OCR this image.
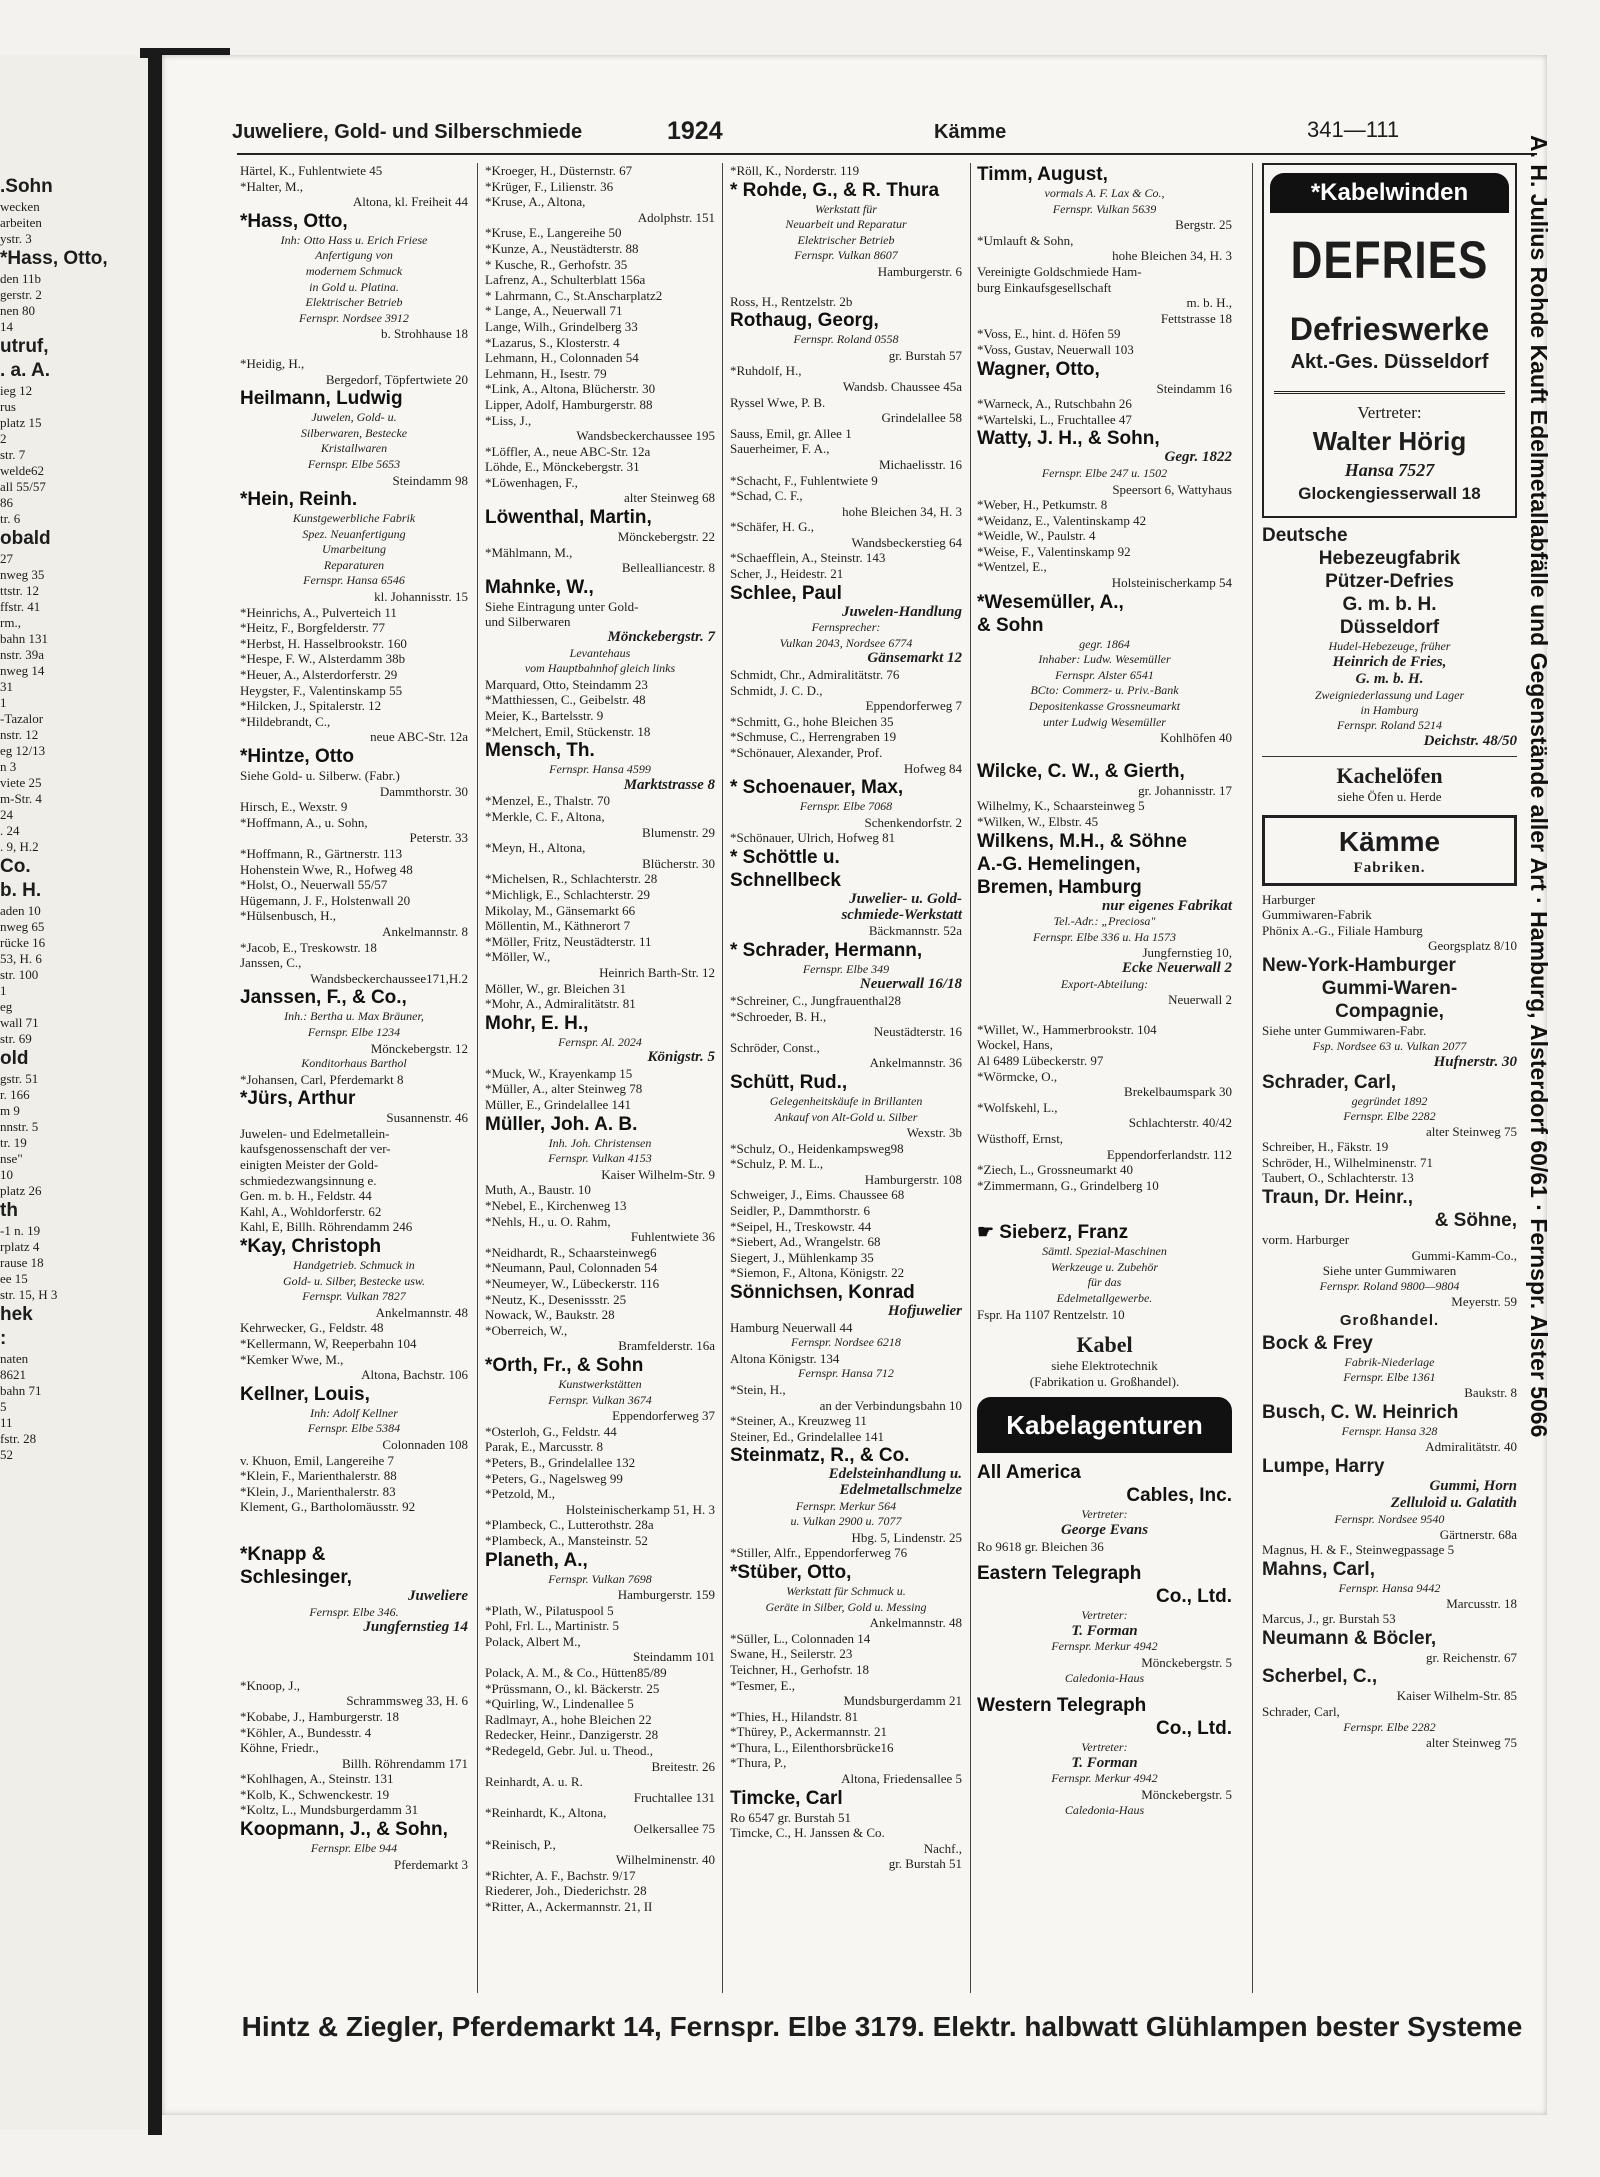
.Sohn
wecken
arbeiten
ystr. 3
*Hass, Otto,
den 11b
gerstr. 2
nen 80
14
utruf,
. a. A.
ieg 12
rus
platz 15
2
str. 7
welde62
all 55/57
86
tr. 6
obald
27
nweg 35
ttstr. 12
ffstr. 41
rm.,
bahn 131
nstr. 39a
nweg 14
31
1
-Tazalor
nstr. 12
eg 12/13
n 3
viete 25
m-Str. 4
24
. 24
. 9, H.2
Co.
b. H.
aden 10
nweg 65
rücke 16
53, H. 6
str. 100
1
eg
wall 71
str. 69
old
gstr. 51
r. 166
m 9
nnstr. 5
tr. 19
nse"
10
platz 26
th
-1 n. 19
rplatz 4
rause 18
ee 15
str. 15, H 3
hek
:
naten
8621
bahn 71
5
11
fstr. 28
52
Juweliere, Gold- und Silberschmiede	1924	Kämme	341—111
Härtel, K., Fuhlentwiete 45
*Halter, M.,
Altona, kl. Freiheit 44
*Hass, Otto,
Inh: Otto Hass u. Erich Friese
Anfertigung von
modernem Schmuck
in Gold u. Platina.
Elektrischer Betrieb
Fernspr. Nordsee 3912
b. Strohhause 18
*Heidig, H.,
Bergedorf, Töpfertwiete 20
Heilmann, Ludwig
Juwelen, Gold- u.
Silberwaren, Bestecke
Kristallwaren
Fernspr. Elbe 5653
Steindamm 98
*Hein, Reinh.
Kunstgewerbliche Fabrik
Spez. Neuanfertigung
Umarbeitung
Reparaturen
Fernspr. Hansa 6546
kl. Johannisstr. 15
*Heinrichs, A., Pulverteich 11
*Heitz, F., Borgfelderstr. 77
*Herbst, H. Hasselbrookstr. 160
*Hespe, F. W., Alsterdamm 38b
*Heuer, A., Alsterdorferstr. 29
Heygster, F., Valentinskamp 55
*Hilcken, J., Spitalerstr. 12
*Hildebrandt, C.,
neue ABC-Str. 12a
*Hintze, Otto
Siehe Gold- u. Silberw. (Fabr.)
Dammthorstr. 30
Hirsch, E., Wexstr. 9
*Hoffmann, A., u. Sohn,
Peterstr. 33
*Hoffmann, R., Gärtnerstr. 113
Hohenstein Wwe, R., Hofweg 48
*Holst, O., Neuerwall 55/57
Hügemann, J. F., Holstenwall 20
*Hülsenbusch, H.,
Ankelmannstr. 8
*Jacob, E., Treskowstr. 18
Janssen, C.,
Wandsbeckerchaussee171,H.2
Janssen, F., & Co.,
Inh.: Bertha u. Max Bräuner,
Fernspr. Elbe 1234
Mönckebergstr. 12
Konditorhaus Barthol
*Johansen, Carl, Pferdemarkt 8
*Jürs, Arthur
Susannenstr. 46
Juwelen- und Edelmetallein-
kaufsgenossenschaft der ver-
einigten Meister der Gold-
schmiedezwangsinnung e.
Gen. m. b. H., Feldstr. 44
Kahl, A., Wohldorferstr. 62
Kahl, E, Billh. Röhrendamm 246
*Kay, Christoph
Handgetrieb. Schmuck in
Gold- u. Silber, Bestecke usw.
Fernspr. Vulkan 7827
Ankelmannstr. 48
Kehrwecker, G., Feldstr. 48
*Kellermann, W, Reeperbahn 104
*Kemker Wwe, M.,
Altona, Bachstr. 106
Kellner, Louis,
Inh: Adolf Kellner
Fernspr. Elbe 5384
Colonnaden 108
v. Khuon, Emil, Langereihe 7
*Klein, F., Marienthalerstr. 88
*Klein, J., Marienthalerstr. 83
Klement, G., Bartholomäusstr. 92
*Knapp &
Schlesinger,
Juweliere
Fernspr. Elbe 346.
Jungfernstieg 14
*Knoop, J.,
Schrammsweg 33, H. 6
*Kobabe, J., Hamburgerstr. 18
*Köhler, A., Bundesstr. 4
Köhne, Friedr.,
Billh. Röhrendamm 171
*Kohlhagen, A., Steinstr. 131
*Kolb, K., Schwenckestr. 19
*Koltz, L., Mundsburgerdamm 31
Koopmann, J., & Sohn,
Fernspr. Elbe 944
Pferdemarkt 3
*Kroeger, H., Düsternstr. 67
*Krüger, F., Lilienstr. 36
*Kruse, A., Altona,
Adolphstr. 151
*Kruse, E., Langereihe 50
*Kunze, A., Neustädterstr. 88
* Kusche, R., Gerhofstr. 35
Lafrenz, A., Schulterblatt 156a
* Lahrmann, C., St.Anscharplatz2
* Lange, A., Neuerwall 71
Lange, Wilh., Grindelberg 33
*Lazarus, S., Klosterstr. 4
Lehmann, H., Colonnaden 54
Lehmann, H., Isestr. 79
*Link, A., Altona, Blücherstr. 30
Lipper, Adolf, Hamburgerstr. 88
*Liss, J.,
Wandsbeckerchaussee 195
*Löffler, A., neue ABC-Str. 12a
Löhde, E., Mönckebergstr. 31
*Löwenhagen, F.,
alter Steinweg 68
Löwenthal, Martin,
Mönckebergstr. 22
*Mählmann, M.,
Bellealliancestr. 8
Mahnke, W.,
Siehe Eintragung unter Gold-
und Silberwaren
Mönckebergstr. 7
Levantehaus
vom Hauptbahnhof gleich links
Marquard, Otto, Steindamm 23
*Matthiessen, C., Geibelstr. 48
Meier, K., Bartelsstr. 9
*Melchert, Emil, Stückenstr. 18
Mensch, Th.
Fernspr. Hansa 4599
Marktstrasse 8
*Menzel, E., Thalstr. 70
*Merkle, C. F., Altona,
Blumenstr. 29
*Meyn, H., Altona,
Blücherstr. 30
*Michelsen, R., Schlachterstr. 28
*Michligk, E., Schlachterstr. 29
Mikolay, M., Gänsemarkt 66
Möllentin, M., Käthnerort 7
*Möller, Fritz, Neustädterstr. 11
*Möller, W.,
Heinrich Barth-Str. 12
Möller, W., gr. Bleichen 31
*Mohr, A., Admiralitätstr. 81
Mohr, E. H.,
Fernspr. Al. 2024
Königstr. 5
*Muck, W., Krayenkamp 15
*Müller, A., alter Steinweg 78
Müller, E., Grindelallee 141
Müller, Joh. A. B.
Inh. Joh. Christensen
Fernspr. Vulkan 4153
Kaiser Wilhelm-Str. 9
Muth, A., Baustr. 10
*Nebel, E., Kirchenweg 13
*Nehls, H., u. O. Rahm,
Fuhlentwiete 36
*Neidhardt, R., Schaarsteinweg6
*Neumann, Paul, Colonnaden 54
*Neumeyer, W., Lübeckerstr. 116
*Neutz, K., Desenissstr. 25
Nowack, W., Baukstr. 28
*Oberreich, W.,
Bramfelderstr. 16a
*Orth, Fr., & Sohn
Kunstwerkstätten
Fernspr. Vulkan 3674
Eppendorferweg 37
*Osterloh, G., Feldstr. 44
Parak, E., Marcusstr. 8
*Peters, B., Grindelallee 132
*Peters, G., Nagelsweg 99
*Petzold, M.,
Holsteinischerkamp 51, H. 3
*Plambeck, C., Lutterothstr. 28a
*Plambeck, A., Mansteinstr. 52
Planeth, A.,
Fernspr. Vulkan 7698
Hamburgerstr. 159
*Plath, W., Pilatuspool 5
Pohl, Frl. L., Martinistr. 5
Polack, Albert M.,
Steindamm 101
Polack, A. M., & Co., Hütten85/89
*Prüssmann, O., kl. Bäckerstr. 25
*Quirling, W., Lindenallee 5
Radlmayr, A., hohe Bleichen 22
Redecker, Heinr., Danzigerstr. 28
*Redegeld, Gebr. Jul. u. Theod.,
Breitestr. 26
Reinhardt, A. u. R.
Fruchtallee 131
*Reinhardt, K., Altona,
Oelkersallee 75
*Reinisch, P.,
Wilhelminenstr. 40
*Richter, A. F., Bachstr. 9/17
Riederer, Joh., Diederichstr. 28
*Ritter, A., Ackermannstr. 21, II
*Röll, K., Norderstr. 119
* Rohde, G., & R. Thura
Werkstatt für
Neuarbeit und Reparatur
Elektrischer Betrieb
Fernspr. Vulkan 8607
Hamburgerstr. 6
Ross, H., Rentzelstr. 2b
Rothaug, Georg,
Fernspr. Roland 0558
gr. Burstah 57
*Ruhdolf, H.,
Wandsb. Chaussee 45a
Ryssel Wwe, P. B.
Grindelallee 58
Sauss, Emil, gr. Allee 1
Sauerheimer, F. A.,
Michaelisstr. 16
*Schacht, F., Fuhlentwiete 9
*Schad, C. F.,
hohe Bleichen 34, H. 3
*Schäfer, H. G.,
Wandsbeckerstieg 64
*Schaefflein, A., Steinstr. 143
Scher, J., Heidestr. 21
Schlee, Paul
Juwelen-Handlung
Fernsprecher:
Vulkan 2043, Nordsee 6774
Gänsemarkt 12
Schmidt, Chr., Admiralitätstr. 76
Schmidt, J. C. D.,
Eppendorferweg 7
*Schmitt, G., hohe Bleichen 35
*Schmuse, C., Herrengraben 19
*Schönauer, Alexander, Prof.
Hofweg 84
* Schoenauer, Max,
Fernspr. Elbe 7068
Schenkendorfstr. 2
*Schönauer, Ulrich, Hofweg 81
* Schöttle u.
Schnellbeck
Juwelier- u. Gold-
schmiede-Werkstatt
Bäckmannstr. 52a
* Schrader, Hermann,
Fernspr. Elbe 349
Neuerwall 16/18
*Schreiner, C., Jungfrauenthal28
*Schroeder, B. H.,
Neustädterstr. 16
Schröder, Const.,
Ankelmannstr. 36
Schütt, Rud.,
Gelegenheitskäufe in Brillanten
Ankauf von Alt-Gold u. Silber
Wexstr. 3b
*Schulz, O., Heidenkampsweg98
*Schulz, P. M. L.,
Hamburgerstr. 108
Schweiger, J., Eims. Chaussee 68
Seidler, P., Dammthorstr. 6
*Seipel, H., Treskowstr. 44
*Siebert, Ad., Wrangelstr. 68
Siegert, J., Mühlenkamp 35
*Siemon, F., Altona, Königstr. 22
Sönnichsen, Konrad
Hofjuwelier
Hamburg Neuerwall 44
Fernspr. Nordsee 6218
Altona Königstr. 134
Fernspr. Hansa 712
*Stein, H.,
an der Verbindungsbahn 10
*Steiner, A., Kreuzweg 11
Steiner, Ed., Grindelallee 141
Steinmatz, R., & Co.
Edelsteinhandlung u.
Edelmetallschmelze
Fernspr. Merkur 564
u. Vulkan 2900 u. 7077
Hbg. 5, Lindenstr. 25
*Stiller, Alfr., Eppendorferweg 76
*Stüber, Otto,
Werkstatt für Schmuck u.
Geräte in Silber, Gold u. Messing
Ankelmannstr. 48
*Süller, L., Colonnaden 14
Swane, H., Seilerstr. 23
Teichner, H., Gerhofstr. 18
*Tesmer, E.,
Mundsburgerdamm 21
*Thies, H., Hilandstr. 81
*Thürey, P., Ackermannstr. 21
*Thura, L., Eilenthorsbrücke16
*Thura, P.,
Altona, Friedensallee 5
Timcke, Carl
Ro 6547 gr. Burstah 51
Timcke, C., H. Janssen & Co.
Nachf.,
gr. Burstah 51
Timm, August,
vormals A. F. Lax & Co.,
Fernspr. Vulkan 5639
Bergstr. 25
*Umlauft & Sohn,
hohe Bleichen 34, H. 3
Vereinigte Goldschmiede Ham-
burg Einkaufsgesellschaft
m. b. H.,
Fettstrasse 18
*Voss, E., hint. d. Höfen 59
*Voss, Gustav, Neuerwall 103
Wagner, Otto,
Steindamm 16
*Warneck, A., Rutschbahn 26
*Wartelski, L., Fruchtallee 47
Watty, J. H., & Sohn,
Gegr. 1822
Fernspr. Elbe 247 u. 1502
Speersort 6, Wattyhaus
*Weber, H., Petkumstr. 8
*Weidanz, E., Valentinskamp 42
*Weidle, W., Paulstr. 4
*Weise, F., Valentinskamp 92
*Wentzel, E.,
Holsteinischerkamp 54
*Wesemüller, A.,
& Sohn
gegr. 1864
Inhaber: Ludw. Wesemüller
Fernspr. Alster 6541
BCto: Commerz- u. Priv.-Bank
Depositenkasse Grossneumarkt
unter Ludwig Wesemüller
Kohlhöfen 40
Wilcke, C. W., & Gierth,
gr. Johannisstr. 17
Wilhelmy, K., Schaarsteinweg 5
*Wilken, W., Elbstr. 45
Wilkens, M.H., & Söhne
A.-G. Hemelingen,
Bremen, Hamburg
nur eigenes Fabrikat
Tel.-Adr.: „Preciosa"
Fernspr. Elbe 336 u. Ha 1573
Jungfernstieg 10,
Ecke Neuerwall 2
Export-Abteilung:
Neuerwall 2
*Willet, W., Hammerbrookstr. 104
Wockel, Hans,
Al 6489 Lübeckerstr. 97
*Wörmcke, O.,
Brekelbaumspark 30
*Wolfskehl, L.,
Schlachterstr. 40/42
Wüsthoff, Ernst,
Eppendorferlandstr. 112
*Ziech, L., Grossneumarkt 40
*Zimmermann, G., Grindelberg 10
☛ Sieberz, Franz
Sämtl. Spezial-Maschinen
Werkzeuge u. Zubehör
für das
Edelmetallgewerbe.
Fspr. Ha 1107 Rentzelstr. 10
Kabel
siehe Elektrotechnik
(Fabrikation u. Großhandel).
Kabelagenturen
All America
Cables, Inc.
Vertreter:
George Evans
Ro 9618 gr. Bleichen 36
Eastern Telegraph
Co., Ltd.
Vertreter:
T. Forman
Fernspr. Merkur 4942
Mönckebergstr. 5
Caledonia-Haus
Western Telegraph
Co., Ltd.
Vertreter:
T. Forman
Fernspr. Merkur 4942
Mönckebergstr. 5
Caledonia-Haus
*Kabelwinden
DEFRIES
Defrieswerke
Akt.-Ges. Düsseldorf
Vertreter:
Walter Hörig
Hansa 7527
Glockengiesserwall 18
Deutsche
Hebezeugfabrik
Pützer-Defries
G. m. b. H.
Düsseldorf
Hudel-Hebezeuge, früher
Heinrich de Fries,
G. m. b. H.
Zweigniederlassung und Lager
in Hamburg
Fernspr. Roland 5214
Deichstr. 48/50
Kachelöfen
siehe Öfen u. Herde
Kämme
Fabriken.
Harburger
Gummiwaren-Fabrik
Phönix A.-G., Filiale Hamburg
Georgsplatz 8/10
New-York-Hamburger
Gummi-Waren-
Compagnie,
Siehe unter Gummiwaren-Fabr.
Fsp. Nordsee 63 u. Vulkan 2077
Hufnerstr. 30
Schrader, Carl,
gegründet 1892
Fernspr. Elbe 2282
alter Steinweg 75
Schreiber, H., Fäkstr. 19
Schröder, H., Wilhelminenstr. 71
Taubert, O., Schlachterstr. 13
Traun, Dr. Heinr.,
& Söhne,
vorm. Harburger
Gummi-Kamm-Co.,
Siehe unter Gummiwaren
Fernspr. Roland 9800—9804
Meyerstr. 59
Großhandel.
Bock & Frey
Fabrik-Niederlage
Fernspr. Elbe 1361
Baukstr. 8
Busch, C. W. Heinrich
Fernspr. Hansa 328
Admiralitätstr. 40
Lumpe, Harry
Gummi, Horn
Zelluloid u. Galatith
Fernspr. Nordsee 9540
Gärtnerstr. 68a
Magnus, H. & F., Steinwegpassage 5
Mahns, Carl,
Fernspr. Hansa 9442
Marcusstr. 18
Marcus, J., gr. Burstah 53
Neumann & Böcler,
gr. Reichenstr. 67
Scherbel, C.,
Kaiser Wilhelm-Str. 85
Schrader, Carl,
Fernspr. Elbe 2282
alter Steinweg 75
A. H. Julius Rohde Kauft Edelmetallabfälle und Gegenstände aller Art · Hamburg, Alsterdorf 60/61 · Fernspr. Alster 5066
Hintz & Ziegler, Pferdemarkt 14, Fernspr. Elbe 3179. Elektr. halbwatt Glühlampen bester Systeme
